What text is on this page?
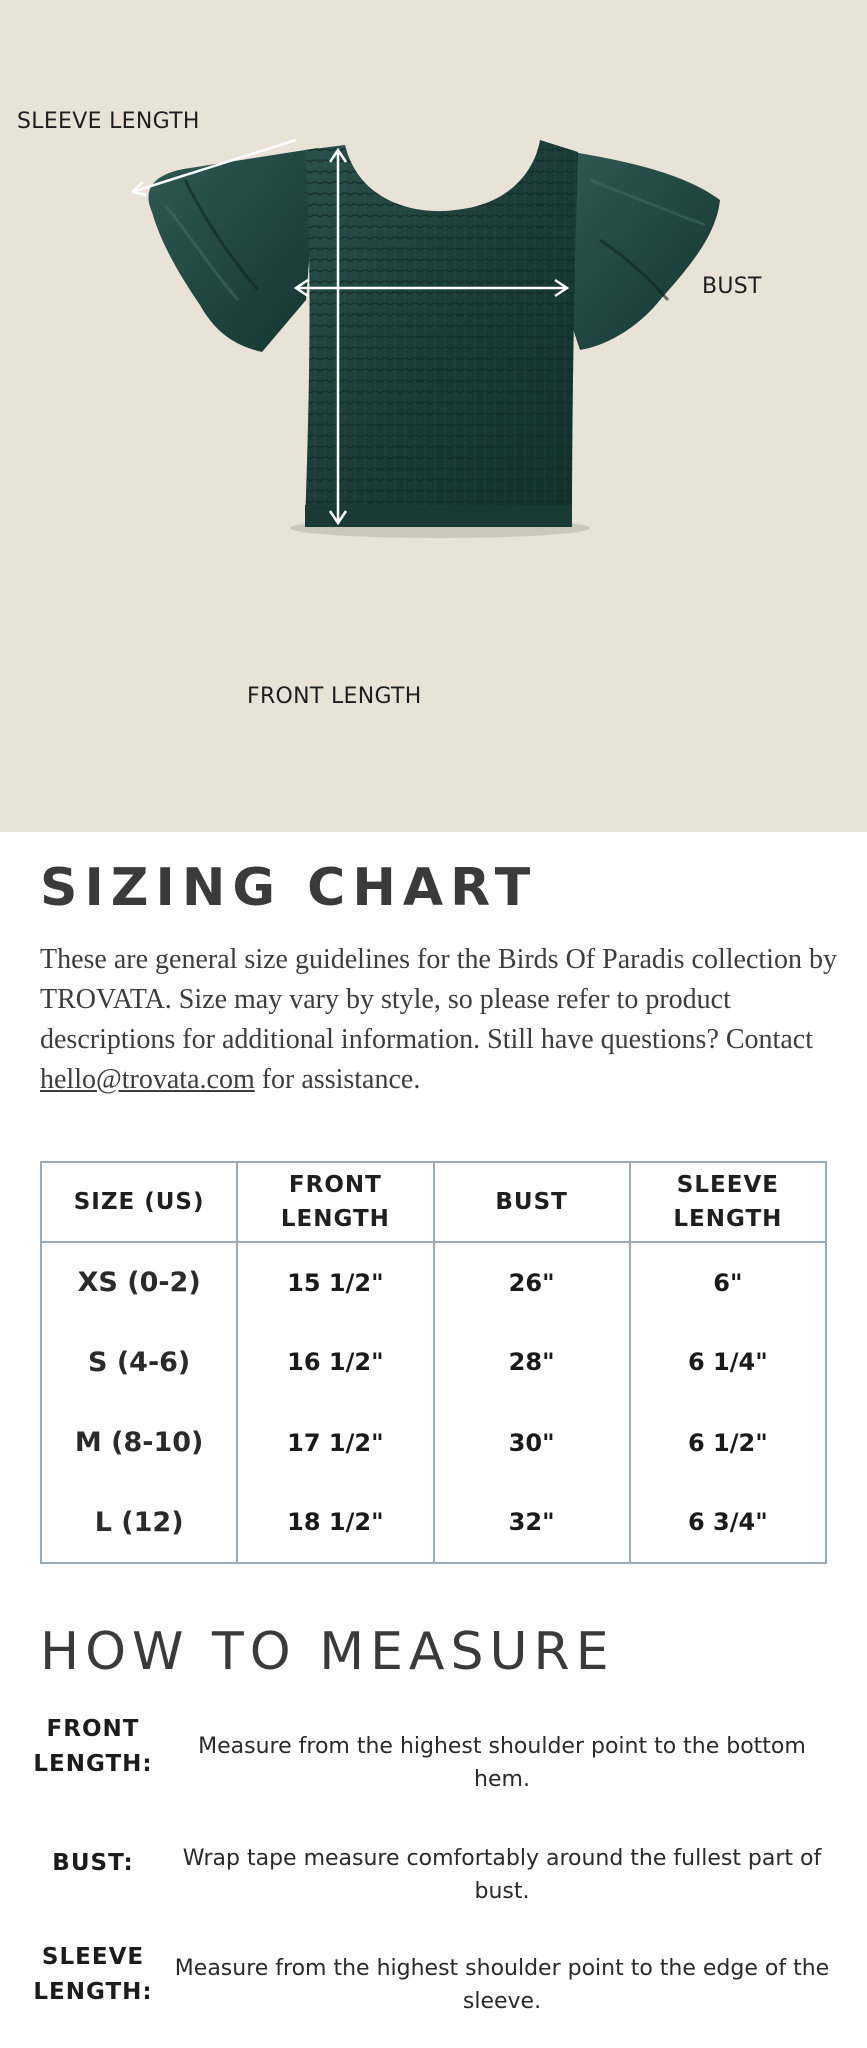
SLEEVE LENGTH
BUST
FRONT LENGTH
SIZING CHART

These are general size guidelines for the Birds Of Paradis collection by TROVATA. Size may vary by style, so please refer to product descriptions for additional information. Still have questions? Contact hello@trovata.com for assistance.

SIZE (US)	FRONT LENGTH	BUST	SLEEVE LENGTH
XS (0-2)	15 1/2"	26"	6"
S (4-6)	16 1/2"	28"	6 1/4"
M (8-10)	17 1/2"	30"	6 1/2"
L (12)	18 1/2"	32"	6 3/4"
HOW TO MEASURE
FRONT LENGTH:
Measure from the highest shoulder point to the bottom hem.
BUST:	Wrap tape measure comfortably around the fullest part of bust.
SLEEVE LENGTH:
Measure from the highest shoulder point to the edge of the sleeve.
